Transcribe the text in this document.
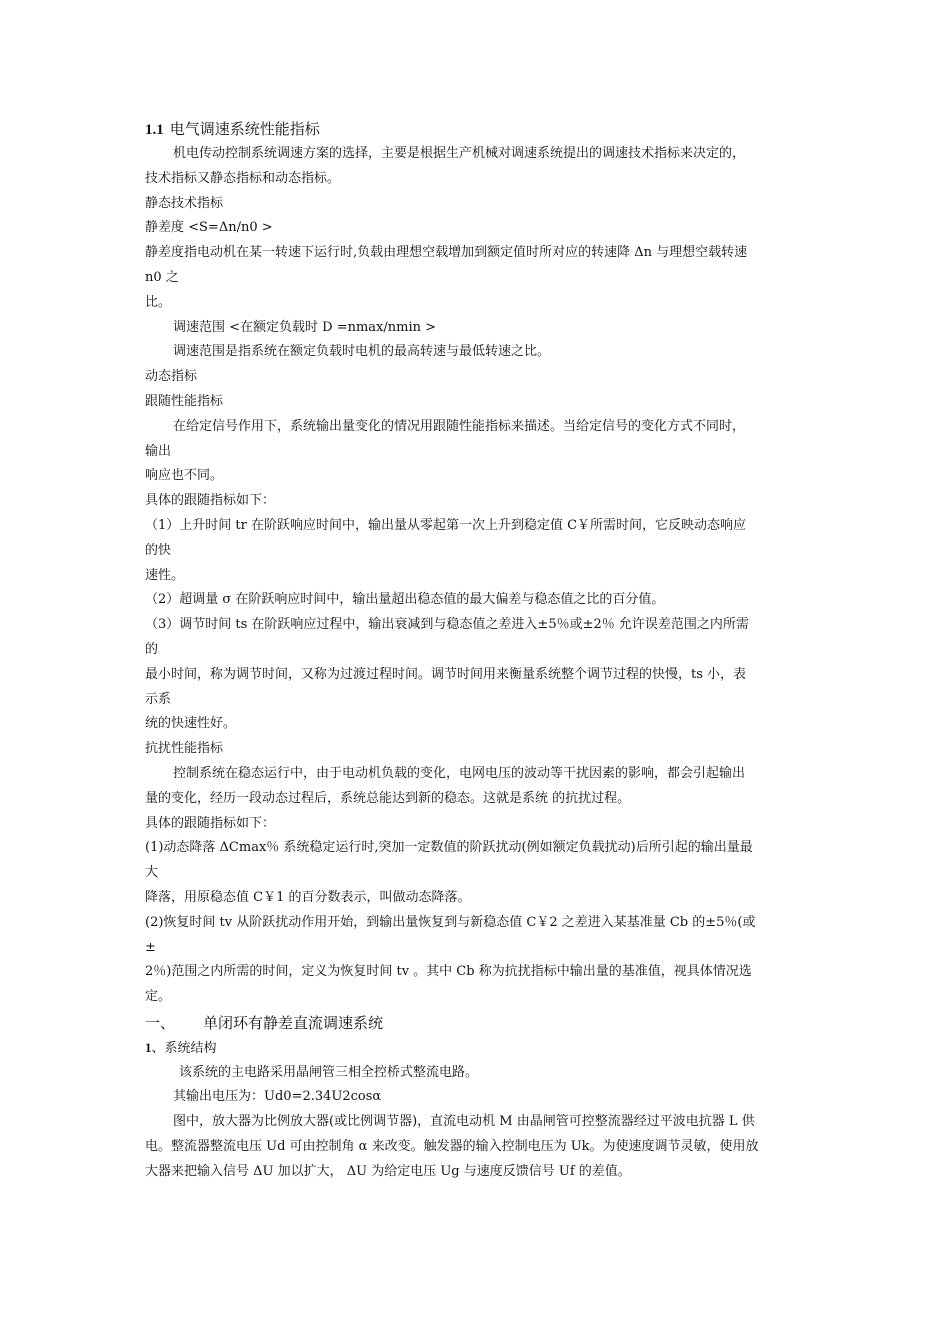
1.1 电气调速系统性能指标
机电传动控制系统调速方案的选择，主要是根据生产机械对调速系统提出的调速技术指标来决定的，
技术指标又静态指标和动态指标。
静态技术指标
静差度 <S=Δn/n0 >
静差度指电动机在某一转速下运行时,负载由理想空载增加到额定值时所对应的转速降 Δn 与理想空载转速
n0 之
比。
调速范围 <在额定负载时 D =nmax/nmin >
调速范围是指系统在额定负载时电机的最高转速与最低转速之比。
动态指标
跟随性能指标
在给定信号作用下，系统输出量变化的情况用跟随性能指标来描述。当给定信号的变化方式不同时，
输出
响应也不同。
具体的跟随指标如下：
（1）上升时间 tr 在阶跃响应时间中，输出量从零起第一次上升到稳定值 C￥所需时间，它反映动态响应
的快
速性。
（2）超调量 σ 在阶跃响应时间中，输出量超出稳态值的最大偏差与稳态值之比的百分值。
（3）调节时间 ts 在阶跃响应过程中，输出衰减到与稳态值之差进入±5％或±2％ 允许误差范围之内所需
的
最小时间，称为调节时间，又称为过渡过程时间。调节时间用来衡量系统整个调节过程的快慢，ts 小，表
示系
统的快速性好。
抗扰性能指标
控制系统在稳态运行中，由于电动机负载的变化，电网电压的波动等干扰因素的影响，都会引起输出
量的变化，经历一段动态过程后，系统总能达到新的稳态。这就是系统 的抗扰过程。
具体的跟随指标如下：
(1)动态降落 ΔCmax％ 系统稳定运行时,突加一定数值的阶跃扰动(例如额定负载扰动)后所引起的输出量最
大
降落，用原稳态值 C￥1 的百分数表示，叫做动态降落。
(2)恢复时间 tv 从阶跃扰动作用开始，到输出量恢复到与新稳态值 C￥2 之差进入某基准量 Cb 的±5％(或
±
2％)范围之内所需的时间，定义为恢复时间 tv 。其中 Cb 称为抗扰指标中输出量的基准值，视具体情况选
定。
一、 单闭环有静差直流调速系统
1、系统结构
该系统的主电路采用晶闸管三相全控桥式整流电路。
其输出电压为：Ud0=2.34U2cosα
图中，放大器为比例放大器(或比例调节器)，直流电动机 M 由晶闸管可控整流器经过平波电抗器 L 供
电。整流器整流电压 Ud 可由控制角 α 来改变。触发器的输入控制电压为 Uk。为使速度调节灵敏，使用放
大器来把输入信号 ΔU 加以扩大， ΔU 为给定电压 Ug 与速度反馈信号 Uf 的差值。
